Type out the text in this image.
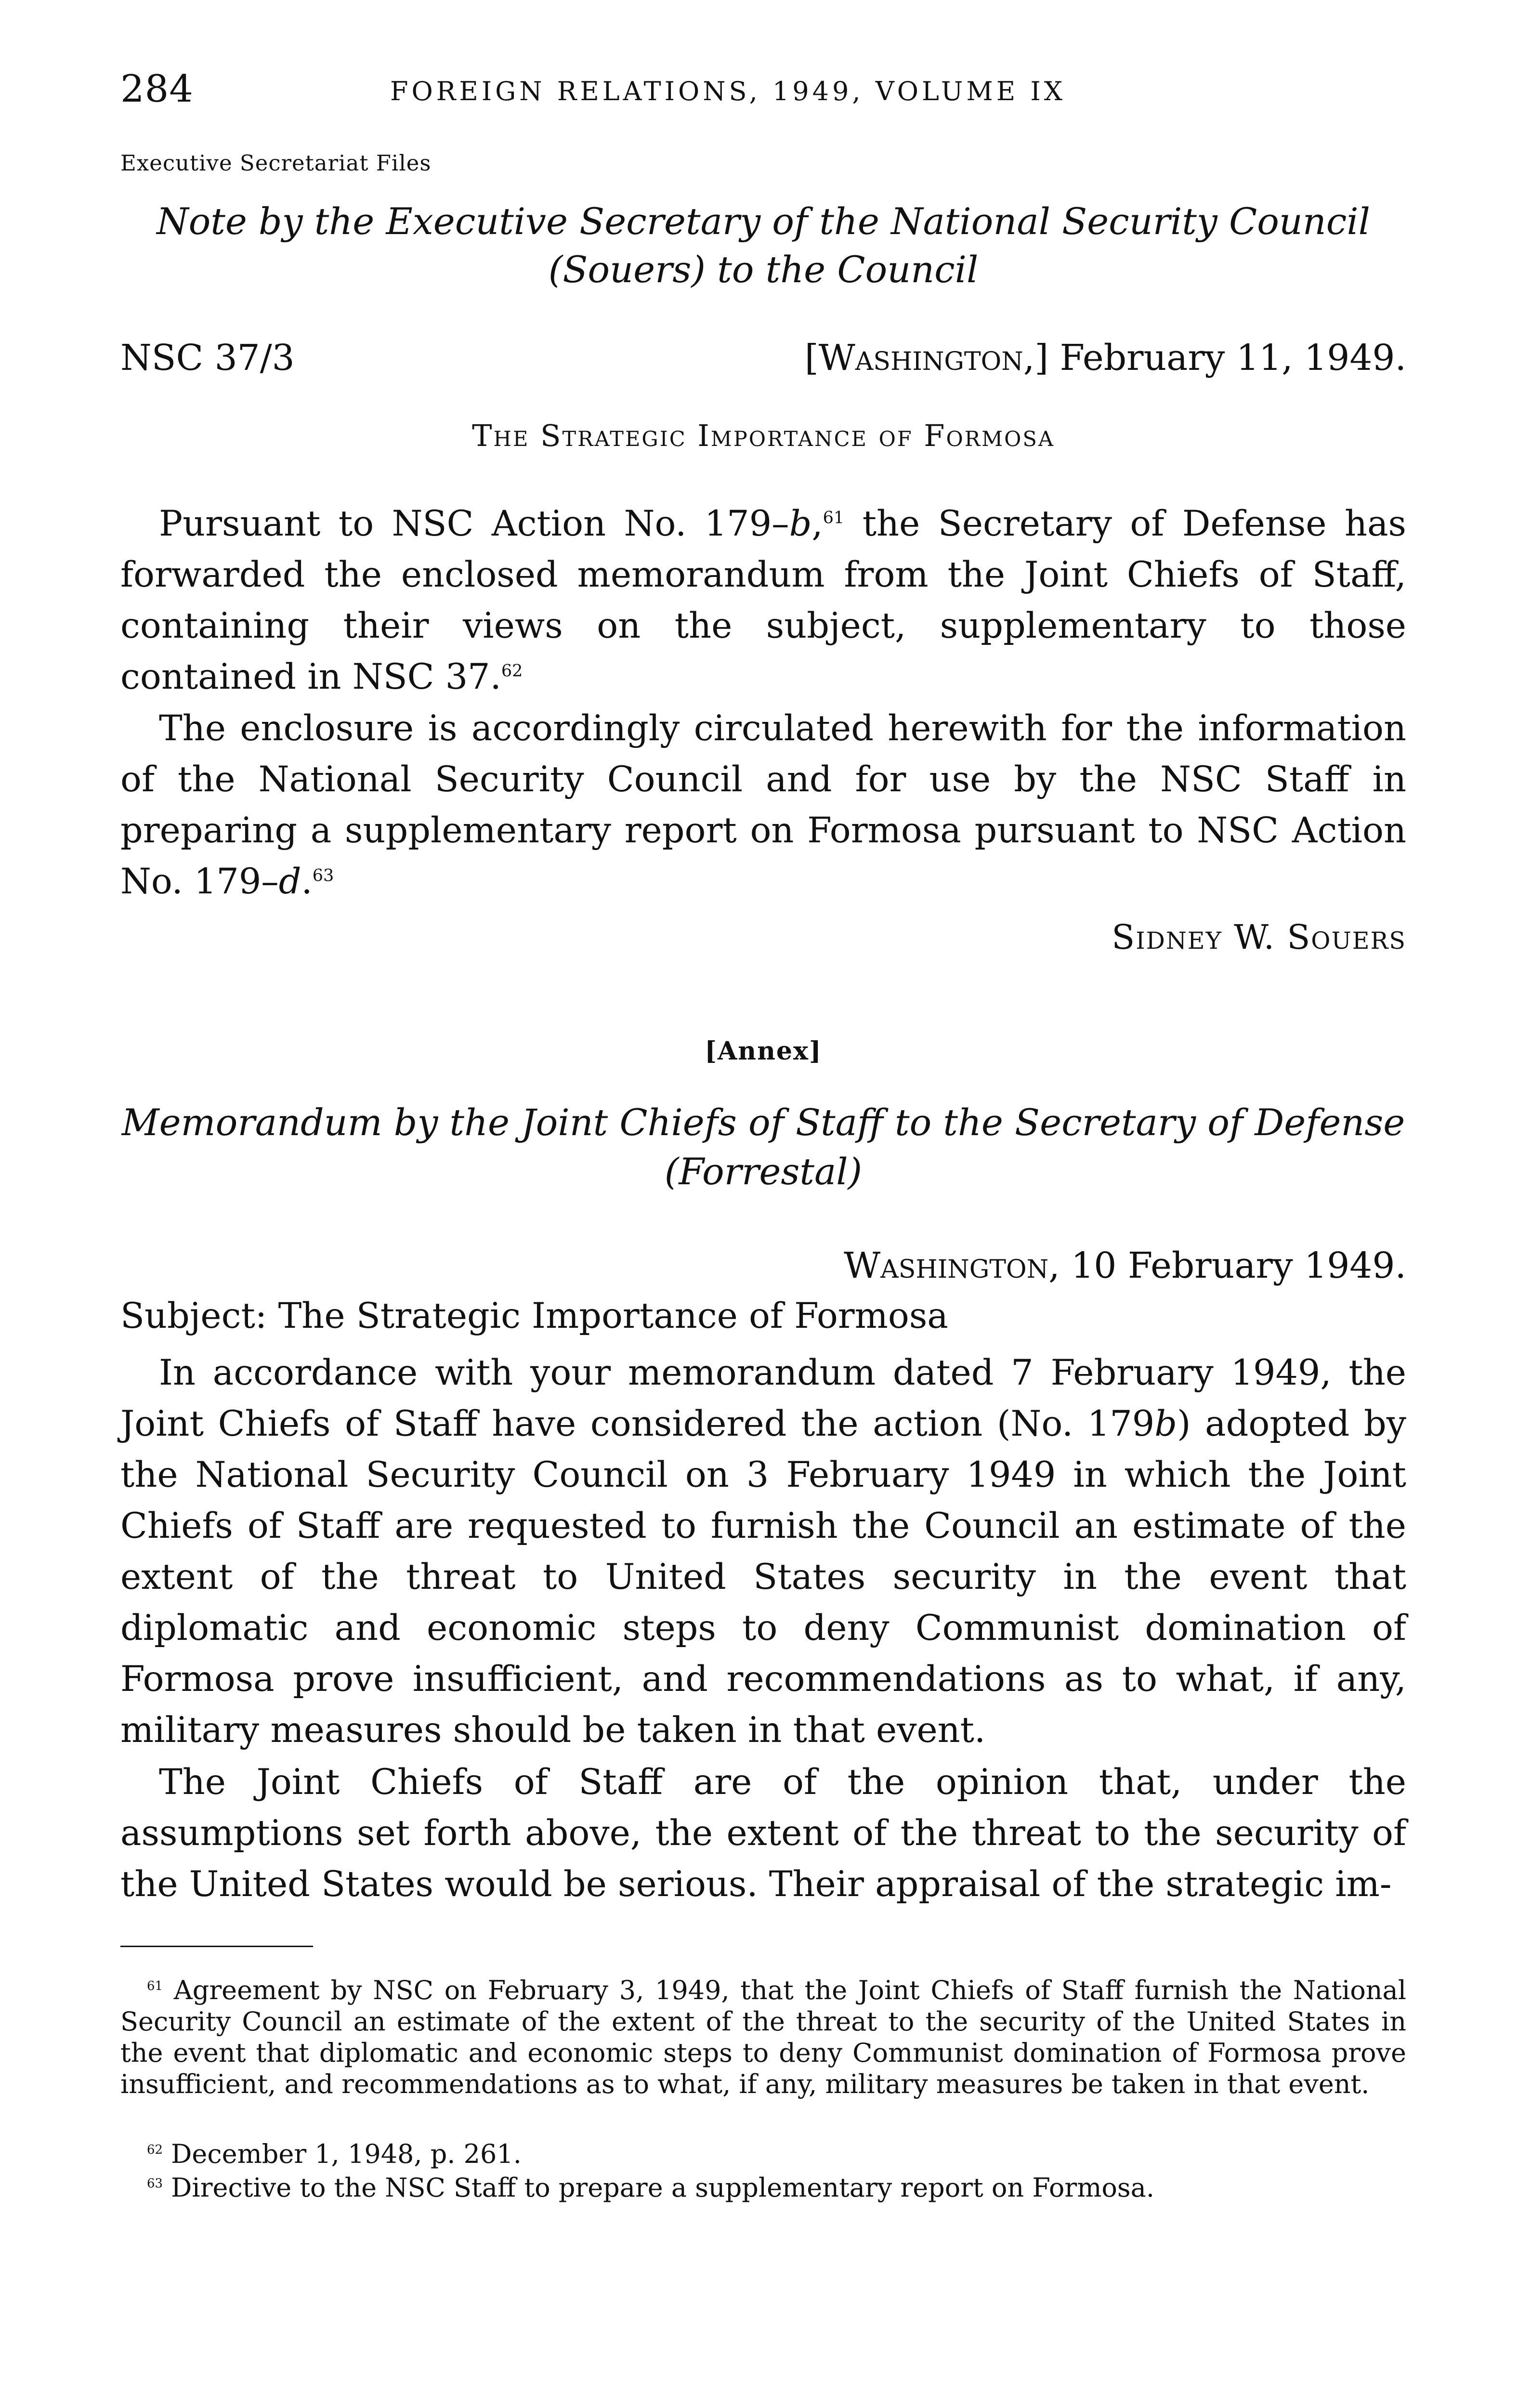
284	FOREIGN RELATIONS, 1949, VOLUME IX
Executive Secretariat Files
Note by the Executive Secretary of the National Security Council
(Souers) to the Council
NSC 37/3	[Washington,] February 11, 1949.
The Strategic Importance of Formosa

Pursuant to NSC Action No. 179–b,$^{61}$ the Secretary of Defense has forwarded the enclosed memorandum from the Joint Chiefs of Staff, containing their views on the subject, supplementary to those contained in NSC 37.62

The enclosure is accordingly circulated herewith for the information of the National Security Council and for use by the NSC Staff in preparing a supplementary report on Formosa pursuant to NSC Action No. 179–d.$^{63}$

Sidney W. Souers
[Annex]
Memorandum by the Joint Chiefs of Staff to the Secretary of Defense
(Forrestal)
Washington, 10 February 1949.
Subject: The Strategic Importance of Formosa

In accordance with your memorandum dated 7 February 1949, the Joint Chiefs of Staff have considered the action (No. 179b) adopted by the National Security Council on 3 February 1949 in which the Joint Chiefs of Staff are requested to furnish the Council an estimate of the extent of the threat to United States security in the event that diplomatic and economic steps to deny Communist domination of Formosa prove insufficient, and recommendations as to what, if any, military measures should be taken in that event.

The Joint Chiefs of Staff are of the opinion that, under the assumptions set forth above, the extent of the threat to the security of the United States would be serious. Their appraisal of the strategic im-

$^{61}$ Agreement by NSC on February 3, 1949, that the Joint Chiefs of Staff furnish the National Security Council an estimate of the extent of the threat to the security of the United States in the event that diplomatic and economic steps to deny Communist domination of Formosa prove insufficient, and recommendations as to what, if any, military measures be taken in that event.

$^{62}$ December 1, 1948, p. 261.

$^{63}$ Directive to the NSC Staff to prepare a supplementary report on Formosa.
